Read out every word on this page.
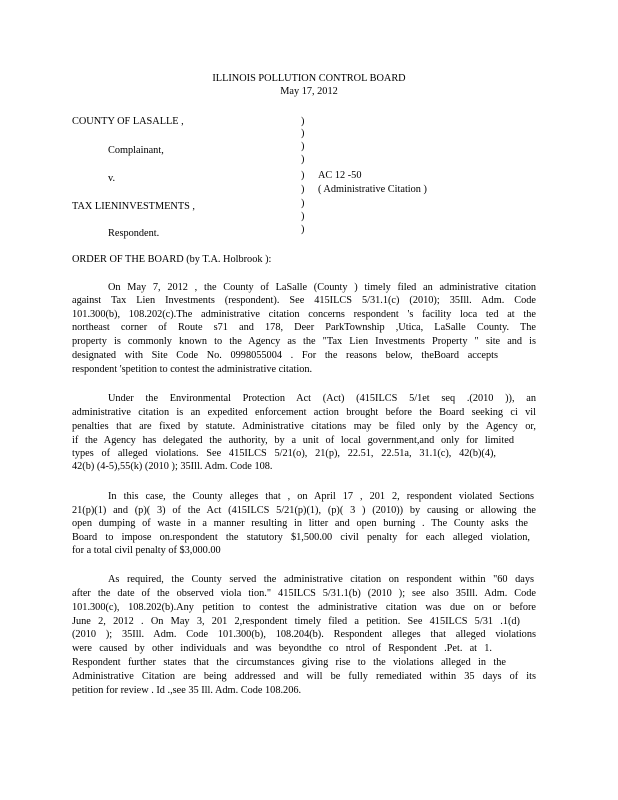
ILLINOIS POLLUTION CONTROL BOARD
May 17, 2012
COUNTY OF LASALLE ,
Complainant,
v.
TAX LIENINVESTMENTS ,
Respondent.
)
)
)
)
)
)
)
)
)
AC 12 -50
( Administrative Citation )
ORDER OF THE BOARD (by T.A. Holbrook ):
On May 7, 2012 , the County of LaSalle (County ) timely filed an administrative citation
against Tax Lien Investments (respondent). See 415ILCS 5/31.1(c) (2010); 35Ill. Adm. Code
101.300(b), 108.202(c).The administrative citation concerns respondent 's facility loca ted at the
northeast corner of Route s71 and 178, Deer ParkTownship ,Utica, LaSalle County. The
property is commonly known to the Agency as the "Tax Lien Investments Property " site and is
designated with Site Code No. 0998055004 . For the reasons below, theBoard accepts
respondent 'spetition to contest the administrative citation.
Under the Environmental Protection Act (Act) (415ILCS 5/1et seq .(2010 )), an
administrative citation is an expedited enforcement action brought before the Board seeking ci vil
penalties that are fixed by statute. Administrative citations may be filed only by the Agency or,
if the Agency has delegated the authority, by a unit of local government,and only for limited
types of alleged violations. See 415ILCS 5/21(o), 21(p), 22.51, 22.51a, 31.1(c), 42(b)(4),
42(b) (4-5),55(k) (2010 ); 35Ill. Adm. Code 108.
In this case, the County alleges that , on April 17 , 201 2, respondent violated Sections
21(p)(1) and (p)( 3) of the Act (415ILCS 5/21(p)(1), (p)( 3 ) (2010)) by causing or allowing the
open dumping of waste in a manner resulting in litter and open burning . The County asks the
Board to impose on.respondent the statutory $1,500.00 civil penalty for each alleged violation,
for a total civil penalty of $3,000.00
As required, the County served the administrative citation on respondent within "60 days
after the date of the observed viola tion." 415ILCS 5/31.1(b) (2010 ); see also 35Ill. Adm. Code
101.300(c), 108.202(b).Any petition to contest the administrative citation was due on or before
June 2, 2012 . On May 3, 201 2,respondent timely filed a petition. See 415ILCS 5/31 .1(d)
(2010 ); 35Ill. Adm. Code 101.300(b), 108.204(b). Respondent alleges that alleged violations
were caused by other individuals and was beyondthe co ntrol of Respondent .Pet. at 1.
Respondent further states that the circumstances giving rise to the violations alleged in the
Administrative Citation are being addressed and will be fully remediated within 35 days of its
petition for review . Id .,see 35 Ill. Adm. Code 108.206.
